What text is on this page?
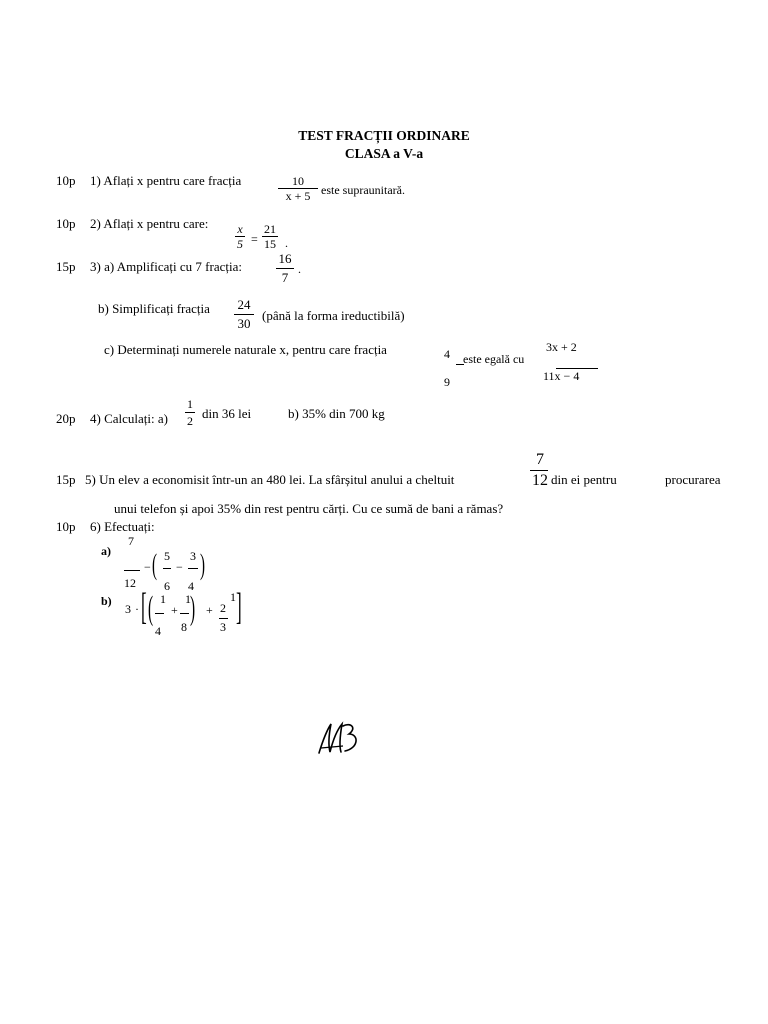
TEST FRACȚII ORDINARE
CLASA a V-a
10p 1) Aflați x pentru care fracția	10
x + 5 este supraunitară.
10p 2) Aflați x pentru care: x
5 =
21
15 .
15p 3) a) Amplificați cu 7 fracția:
16
7
.
b) Simplificați fracția 24
30
(până la forma ireductibilă)
c) Determinați numerele naturale x, pentru care fracția	4
9
este egală cu
3x + 2
11x − 4
20p 4) Calculați: a)
1
2 din 36 lei	b) 35% din 700 kg
15p 5) Un elev a economisit într-un an 480 lei. La sfârșitul anului a cheltuit
7
12 din ei pentru	procurarea
unui telefon și apoi 35% din rest pentru cărți. Cu ce sumă de bani a rămas?
10p 6) Efectuați:
a)
7
12
− ( 5
6
−
3
4
)
b)
3 · [ ( 1
4
+
1
8 ) + 2
3
1 ]
